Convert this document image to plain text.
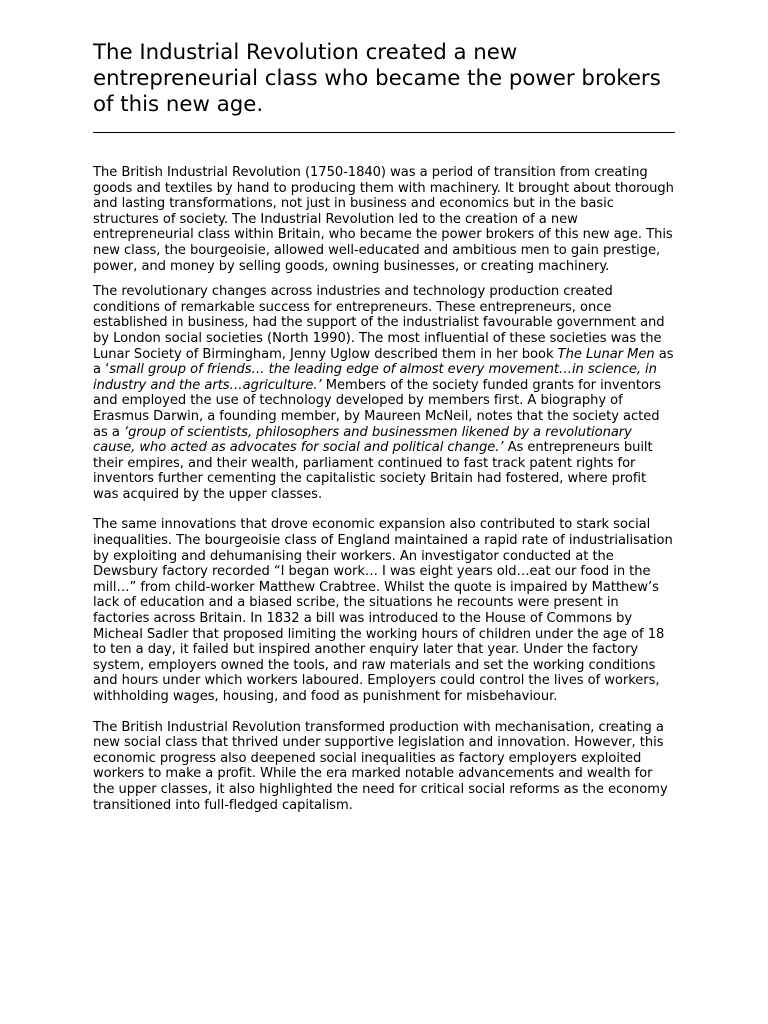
The Industrial Revolution created a new entrepreneurial class who became the power brokers of this new age.

The British Industrial Revolution (1750-1840) was a period of transition from creating goods and textiles by hand to producing them with machinery. It brought about thorough and lasting transformations, not just in business and economics but in the basic structures of society. The Industrial Revolution led to the creation of a new entrepreneurial class within Britain, who became the power brokers of this new age. This new class, the bourgeoisie, allowed well-educated and ambitious men to gain prestige, power, and money by selling goods, owning businesses, or creating machinery.

The revolutionary changes across industries and technology production created conditions of remarkable success for entrepreneurs. These entrepreneurs, once established in business, had the support of the industrialist favourable government and by London social societies (North 1990). The most influential of these societies was the Lunar Society of Birmingham, Jenny Uglow described them in her book The Lunar Men as a ‘small group of friends… the leading edge of almost every movement…in science, in industry and the arts…agriculture.’ Members of the society funded grants for inventors and employed the use of technology developed by members first. A biography of Erasmus Darwin, a founding member, by Maureen McNeil, notes that the society acted as a ‘group of scientists, philosophers and businessmen likened by a revolutionary cause, who acted as advocates for social and political change.’ As entrepreneurs built their empires, and their wealth, parliament continued to fast track patent rights for inventors further cementing the capitalistic society Britain had fostered, where profit was acquired by the upper classes.

The same innovations that drove economic expansion also contributed to stark social inequalities. The bourgeoisie class of England maintained a rapid rate of industrialisation by exploiting and dehumanising their workers. An investigator conducted at the Dewsbury factory recorded “I began work… I was eight years old…eat our food in the mill…” from child-worker Matthew Crabtree. Whilst the quote is impaired by Matthew’s lack of education and a biased scribe, the situations he recounts were present in factories across Britain. In 1832 a bill was introduced to the House of Commons by Micheal Sadler that proposed limiting the working hours of children under the age of 18 to ten a day, it failed but inspired another enquiry later that year. Under the factory system, employers owned the tools, and raw materials and set the working conditions and hours under which workers laboured. Employers could control the lives of workers, withholding wages, housing, and food as punishment for misbehaviour.

The British Industrial Revolution transformed production with mechanisation, creating a new social class that thrived under supportive legislation and innovation. However, this economic progress also deepened social inequalities as factory employers exploited workers to make a profit. While the era marked notable advancements and wealth for the upper classes, it also highlighted the need for critical social reforms as the economy transitioned into full-fledged capitalism.
